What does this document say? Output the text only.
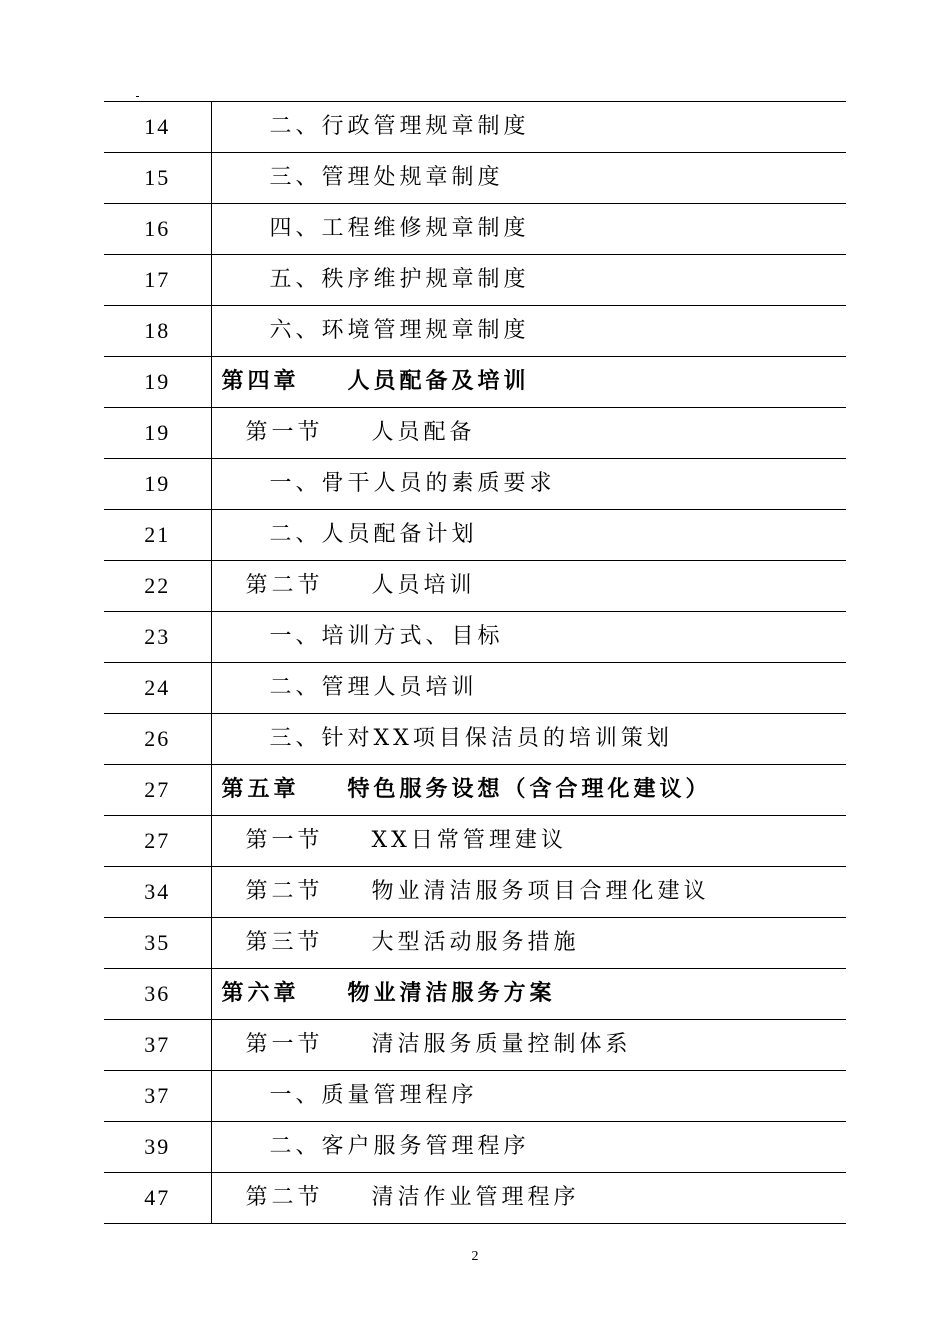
14	二、行政管理规章制度
15	三、管理处规章制度
16	四、工程维修规章制度
17	五、秩序维护规章制度
18	六、环境管理规章制度
19	第四章 人员配备及培训
19	第一节 人员配备
19	一、骨干人员的素质要求
21	二、人员配备计划
22	第二节 人员培训
23	一、培训方式、目标
24	二、管理人员培训
26	三、针对XX项目保洁员的培训策划
27	第五章 特色服务设想（含合理化建议）
27	第一节 XX日常管理建议
34	第二节 物业清洁服务项目合理化建议
35	第三节 大型活动服务措施
36	第六章 物业清洁服务方案
37	第一节 清洁服务质量控制体系
37	一、质量管理程序
39	二、客户服务管理程序
47	第二节 清洁作业管理程序
2
